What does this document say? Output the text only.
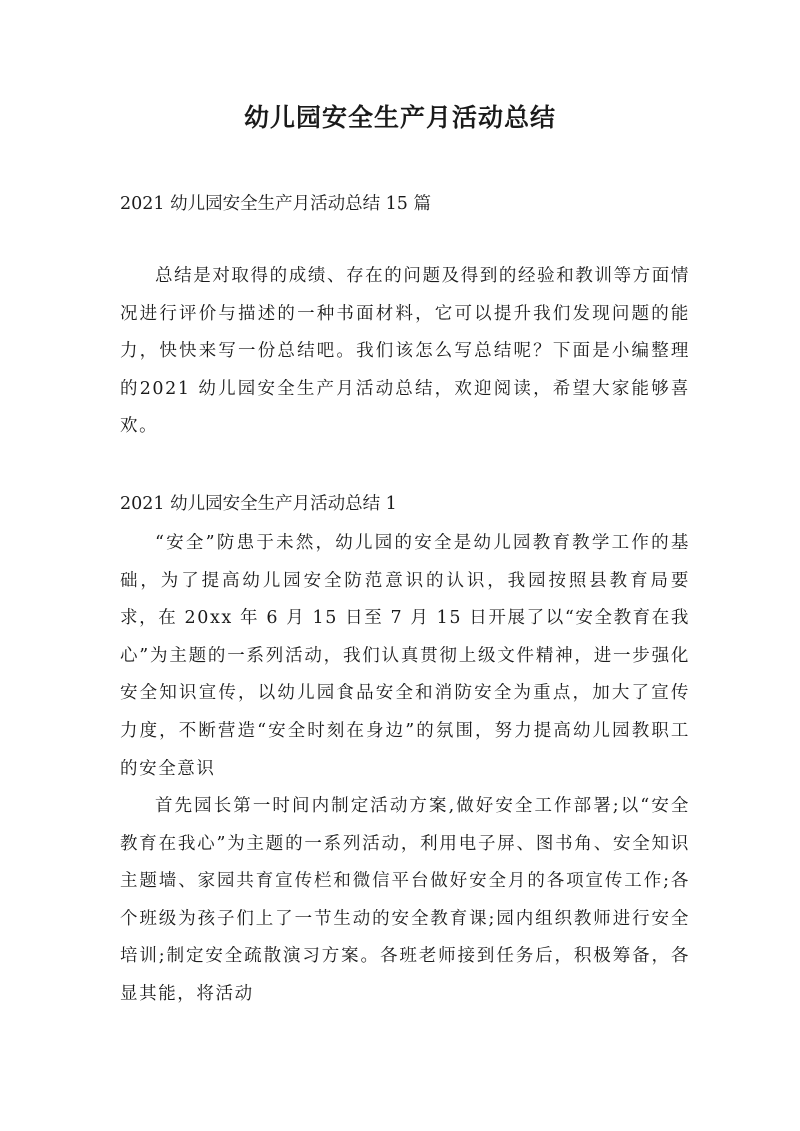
幼儿园安全生产月活动总结
2021 幼儿园安全生产月活动总结 15 篇

总结是对取得的成绩、存在的问题及得到的经验和教训等方面情况进行评价与描述的一种书面材料，它可以提升我们发现问题的能力，快快来写一份总结吧。我们该怎么写总结呢？下面是小编整理的2021 幼儿园安全生产月活动总结，欢迎阅读，希望大家能够喜欢。

2021 幼儿园安全生产月活动总结 1

“安全”防患于未然，幼儿园的安全是幼儿园教育教学工作的基础，为了提高幼儿园安全防范意识的认识，我园按照县教育局要求，在 20xx 年 6 月 15 日至 7 月 15 日开展了以“安全教育在我心”为主题的一系列活动，我们认真贯彻上级文件精神，进一步强化安全知识宣传，以幼儿园食品安全和消防安全为重点，加大了宣传力度，不断营造“安全时刻在身边”的氛围，努力提高幼儿园教职工的安全意识

首先园长第一时间内制定活动方案,做好安全工作部署;以“安全教育在我心”为主题的一系列活动，利用电子屏、图书角、安全知识主题墙、家园共育宣传栏和微信平台做好安全月的各项宣传工作;各个班级为孩子们上了一节生动的安全教育课;园内组织教师进行安全培训;制定安全疏散演习方案。各班老师接到任务后，积极筹备，各显其能，将活动
